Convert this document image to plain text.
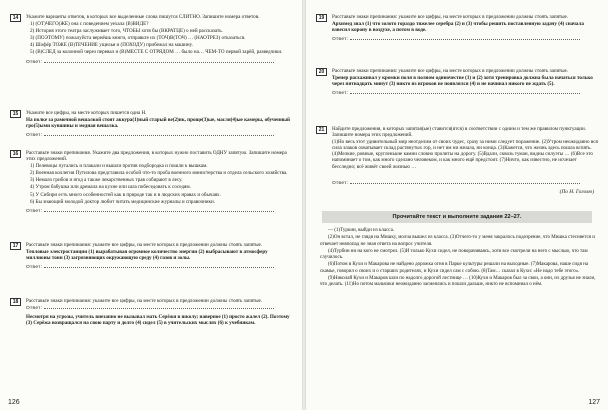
14	Укажите варианты ответов, в которых все выделенные слова пишутся СЛИТНО. Запишите номера ответов.

1) (ОТ)ЧЕГО(ЖЕ) она с поведением уехала (В)ВИДЕ?

2) История этого театра заслуживает того, ЧТОБЫ хотя бы (ВКРАТЦЕ) о ней рассказать.

3) (ПОЭТОМУ) пожалуйста вернёшь книги, отправьте их (ТОЧ)В(ТОЧ) … (НАОТРЕЗ) отказаться.

4) Шофёр ТОЖЕ (В)ТЕЧЕНИЕ ущелья и (ПОХОДУ) прибежал на машину.

5) (В)СЛЕД за колонной через перевал и (В)МЕСТЕ С ОТРЯДОМ … было на… ЧЕМ-ТО первой зарёй, разведчики.

Ответ:
15	Укажите все цифры, на месте которых пишется одна Н.

На полке за рамочной вешалкой стоят аккура(1)ный старый ве(2)ик, проще(3)ые, масля(4)ые камеры, обученный гро(5)ыми кувшины и медная вешалка.

Ответ:
16	Расставьте знаки препинания. Укажите два предложения, в которых нужно поставить ОДНУ запятую. Запишите номера этих предложений.

1) Пелевоцы пугались и плакали и вышли против подбородка и пошли к вышкам.

2) Военная коллегия Путилова представила особой что-то проба военного министерства и отдела сельского хозяйства.

3) Немало грибов и ягод а также лекарственных трав собирают в лесу.

4) Утром бабушка или дремала на кухне или шла побеседовать к соседям.

5) У Сибири есть много особенностей как в природе так и в людских нравах и обычаях.

6) Бы знающий молодой доктор любит читать медицинские журналы и справочники.

Ответ:
17	Расставьте знаки препинания: укажите все цифры, на месте которых в предложении должны стоять запятые.

Тепловые электростанции (1) вырабатывая огромное количество энергии (2) выбрасывают в атмосферу миллионы тонн (3) загрязняющих окружающую среду (4) газов и золы.

Ответ:
18	Расставьте знаки препинания: укажите все цифры, на месте которых в предложении должны стоять запятые.

Ответ:

Несмотря на угрозы, учитель внезапно не вызывал мать Серёжи в школу; наверное (1) просто жалел (2). Поэтому (3) Серёжа возвращался на свою парту и долго (4) сидел (5) в учительских мыслях (6) к учебникам.

126
19	Расставьте знаки препинания: укажите все цифры, на месте которых в предложении должны стоять запятые.

Архимед знал (1) что золото гораздо тяжелее серебра (2) и (3) чтобы решить поставленную задачу (4) сначала взвесил корону в воздухе, а потом в воде.

Ответ:
20	Расставьте знаки препинания: укажите все цифры, на месте которых в предложении должны стоять запятые.

Тренер расхаживал у кромки поля в полном одиночестве (1) и (2) хотя тренировка должна была начаться только через пятнадцать минут (3) никто из игроков не появлялся (4) и не начинал никого не ждать (5).

Ответ:
21	Найдите предложения, в которых запятая(ые) ставится(ятся) в соответствии с одним и тем же правилом пунктуации. Запишите номера этих предложений.

(1)Но весь этот удивительный мир неотделим от своих чудес, сразу за ними следует поражение. (2)Утром неожиданно вся сила злаков охватывает склад растянутых гор, и нет им ни начала, ни конца. (3)Кажется, что жизнь здесь пошла вспять. (4)Мелкие, ровные, кругленькие камни словно пролиты на дорогу. (5)Вдали, сквозь туман, видны силуэты … (6)Все это напоминает о том, как много сделано человеком, и как много ещё предстоит. (7)Ничто, как известно, не исчезает бесследно; всё живёт своей жизнью …

Ответ:
(По Н. Гоголю)
Прочитайте текст и выполните задания 22–27.

— (1)Туркин, выйди из класса.

(2)Он встал, не глядя на Мишку, молча вышел из класса. (3)Отчего-то у меня закралось подозрение, что Мишка стесняется и отвечает невпопад не зная ответа на вопрос учителя.

(4)Турбин ни на кого не смотрел. (5)И только Кухи сидел, не поворачиваясь, хотя все смотрели на него с мыслью, что там случилось.

(6)Потом в Кухи и Макарова не найдено дорожка огня в Парке культуры решали на выходные. (7)Макарова, наше сидя на скамье, говорил о своих и о старших родителях, и Кухи сидел сам с собою. (8)Там… сказал в Кухи: «Не надо тебе этого».

(9)Николай Кухи и Макаров шли по надолго дорогой лестнице … (10)Кухи и Макаров был за свои, а они, их друзья не знали, что делать. (11)Но потом мальчики неожиданно засмеялись и пошли дальше, никто не вспоминал о нём.

127
